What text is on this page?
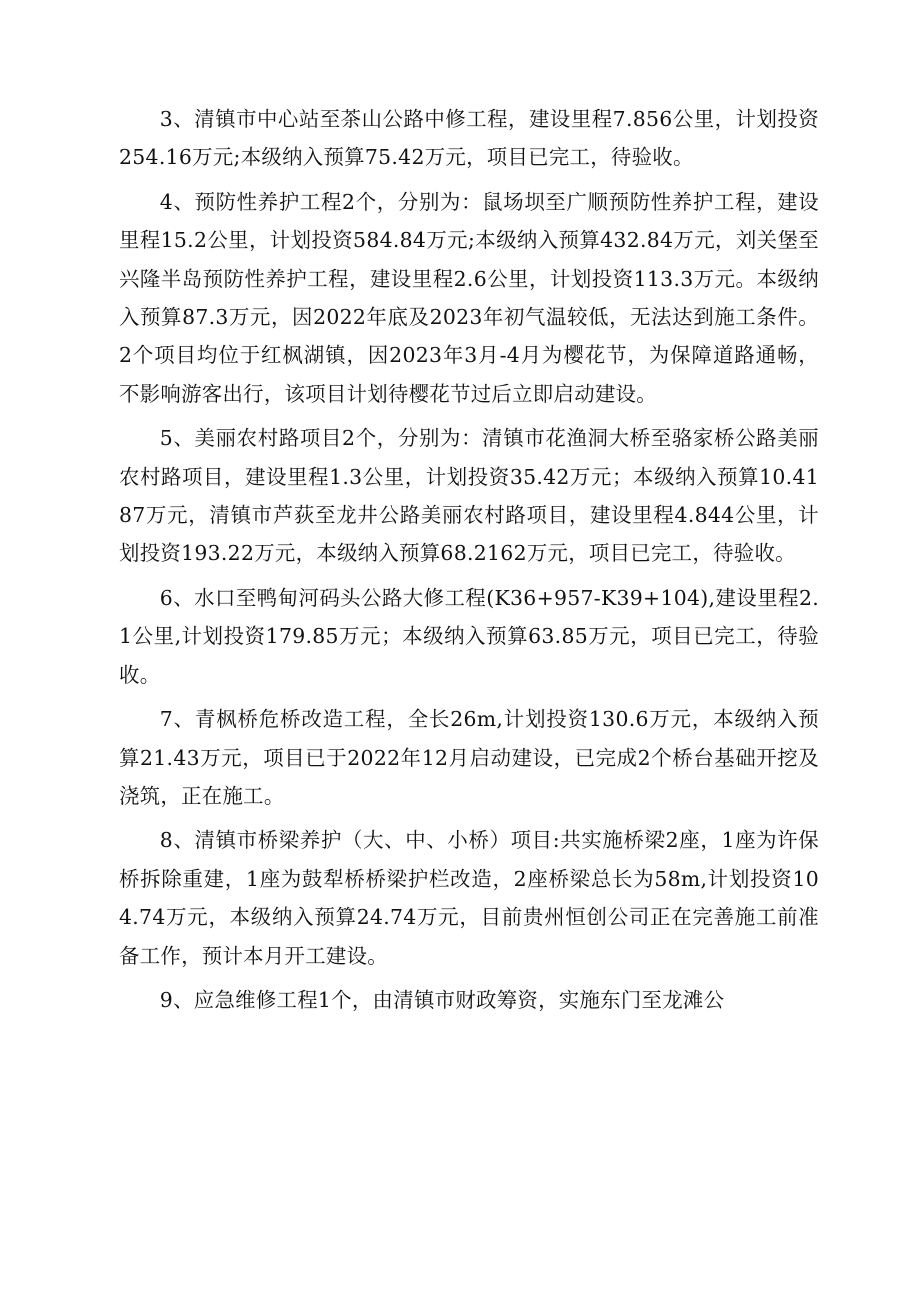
3、清镇市中心站至茶山公路中修工程，建设里程7.856公里，计划投资254.16万元;本级纳入预算75.42万元，项目已完工，待验收。

4、预防性养护工程2个，分别为：鼠场坝至广顺预防性养护工程，建设里程15.2公里，计划投资584.84万元;本级纳入预算432.84万元，刘关堡至兴隆半岛预防性养护工程，建设里程2.6公里，计划投资113.3万元。本级纳入预算87.3万元，因2022年底及2023年初气温较低，无法达到施工条件。2个项目均位于红枫湖镇，因2023年3月-4月为樱花节，为保障道路通畅，不影响游客出行，该项目计划待樱花节过后立即启动建设。

5、美丽农村路项目2个，分别为：清镇市花渔洞大桥至骆家桥公路美丽农村路项目，建设里程1.3公里，计划投资35.42万元；本级纳入预算10.4187万元，清镇市芦荻至龙井公路美丽农村路项目，建设里程4.844公里，计划投资193.22万元，本级纳入预算68.2162万元，项目已完工，待验收。

6、水口至鸭甸河码头公路大修工程(K36+957-K39+104),建设里程2.1公里,计划投资179.85万元；本级纳入预算63.85万元，项目已完工，待验收。

7、青枫桥危桥改造工程，全长26m,计划投资130.6万元，本级纳入预算21.43万元，项目已于2022年12月启动建设，已完成2个桥台基础开挖及浇筑，正在施工。

8、清镇市桥梁养护（大、中、小桥）项目:共实施桥梁2座，1座为许保桥拆除重建，1座为鼓犁桥桥梁护栏改造，2座桥梁总长为58m,计划投资104.74万元，本级纳入预算24.74万元，目前贵州恒创公司正在完善施工前准备工作，预计本月开工建设。

9、应急维修工程1个，由清镇市财政筹资，实施东门至龙滩公
